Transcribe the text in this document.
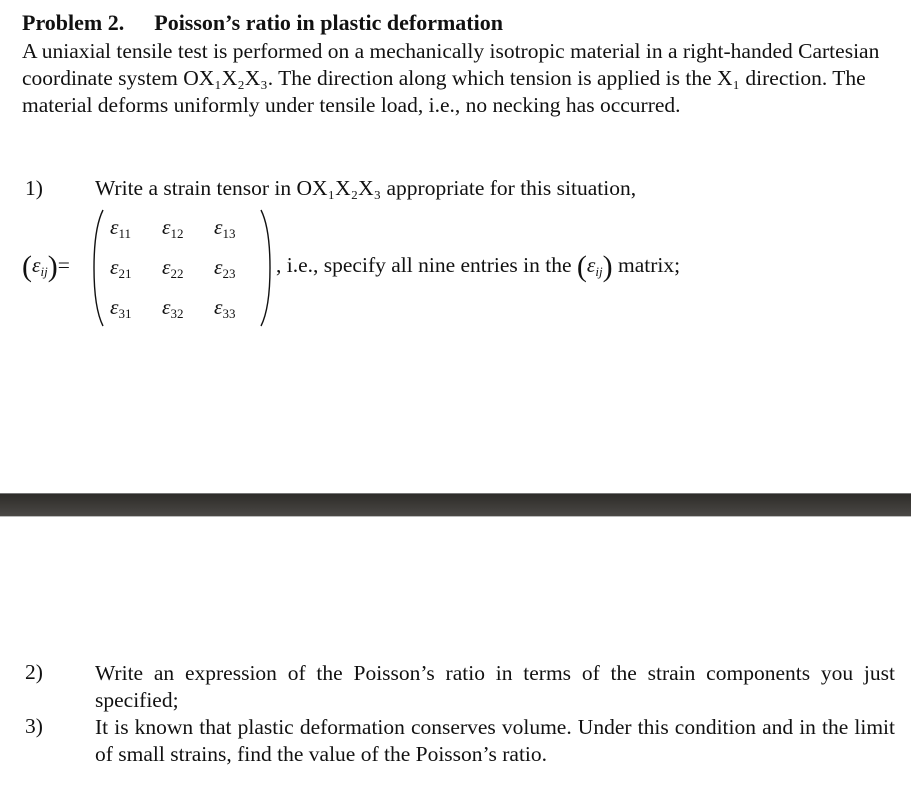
Problem 2. Poisson’s ratio in plastic deformation
A uniaxial tensile test is performed on a mechanically isotropic material in a right-handed Cartesian coordinate system OX₁X₂X₃. The direction along which tension is applied is the X₁ direction. The material deforms uniformly under tensile load, i.e., no necking has occurred.
1) Write a strain tensor in OX₁X₂X₃ appropriate for this situation,
$(\varepsilon_{ij})=$
$\varepsilon_{11}$	$\varepsilon_{12}$	$\varepsilon_{13}$
$\varepsilon_{21}$	$\varepsilon_{22}$	$\varepsilon_{23}$
$\varepsilon_{31}$	$\varepsilon_{32}$	$\varepsilon_{33}$
, i.e., specify all nine entries in the $(\varepsilon_{ij})$ matrix;
2) Write an expression of the Poisson’s ratio in terms of the strain components you just specified;
3) It is known that plastic deformation conserves volume. Under this condition and in the limit of small strains, find the value of the Poisson’s ratio.
